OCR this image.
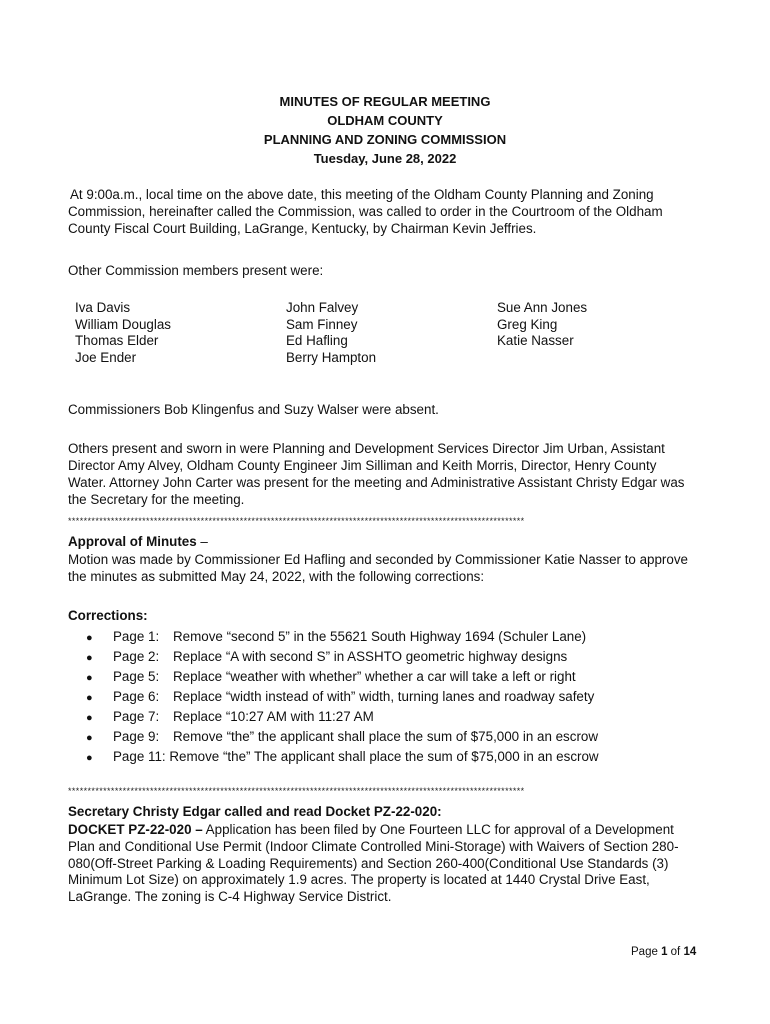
MINUTES OF REGULAR MEETING
OLDHAM COUNTY
PLANNING AND ZONING COMMISSION
Tuesday, June 28, 2022
At 9:00a.m., local time on the above date, this meeting of the Oldham County Planning and Zoning Commission, hereinafter called the Commission, was called to order in the Courtroom of the Oldham County Fiscal Court Building, LaGrange, Kentucky, by Chairman Kevin Jeffries.
Other Commission members present were:
Iva Davis
William Douglas
Thomas Elder
Joe Ender
John Falvey
Sam Finney
Ed Hafling
Berry Hampton
Sue Ann Jones
Greg King
Katie Nasser
Commissioners Bob Klingenfus and Suzy Walser were absent.
Others present and sworn in were Planning and Development Services Director Jim Urban, Assistant Director Amy Alvey, Oldham County Engineer Jim Silliman and Keith Morris, Director, Henry County Water. Attorney John Carter was present for the meeting and Administrative Assistant Christy Edgar was the Secretary for the meeting.
*********************************************************************************************************************
Approval of Minutes –
Motion was made by Commissioner Ed Hafling and seconded by Commissioner Katie Nasser to approve the minutes as submitted May 24, 2022, with the following corrections:
Corrections:
● Page 1: Remove “second 5” in the 55621 South Highway 1694 (Schuler Lane)
● Page 2: Replace “A with second S” in ASSHTO geometric highway designs
● Page 5: Replace “weather with whether” whether a car will take a left or right
● Page 6: Replace “width instead of with” width, turning lanes and roadway safety
● Page 7: Replace “10:27 AM with 11:27 AM
● Page 9: Remove “the” the applicant shall place the sum of $75,000 in an escrow
● Page 11: Remove “the” The applicant shall place the sum of $75,000 in an escrow
*********************************************************************************************************************
Secretary Christy Edgar called and read Docket PZ-22-020:
DOCKET PZ-22-020 – Application has been filed by One Fourteen LLC for approval of a Development Plan and Conditional Use Permit (Indoor Climate Controlled Mini-Storage) with Waivers of Section 280-080(Off-Street Parking & Loading Requirements) and Section 260-400(Conditional Use Standards (3) Minimum Lot Size) on approximately 1.9 acres. The property is located at 1440 Crystal Drive East, LaGrange. The zoning is C-4 Highway Service District.
Page 1 of 14
